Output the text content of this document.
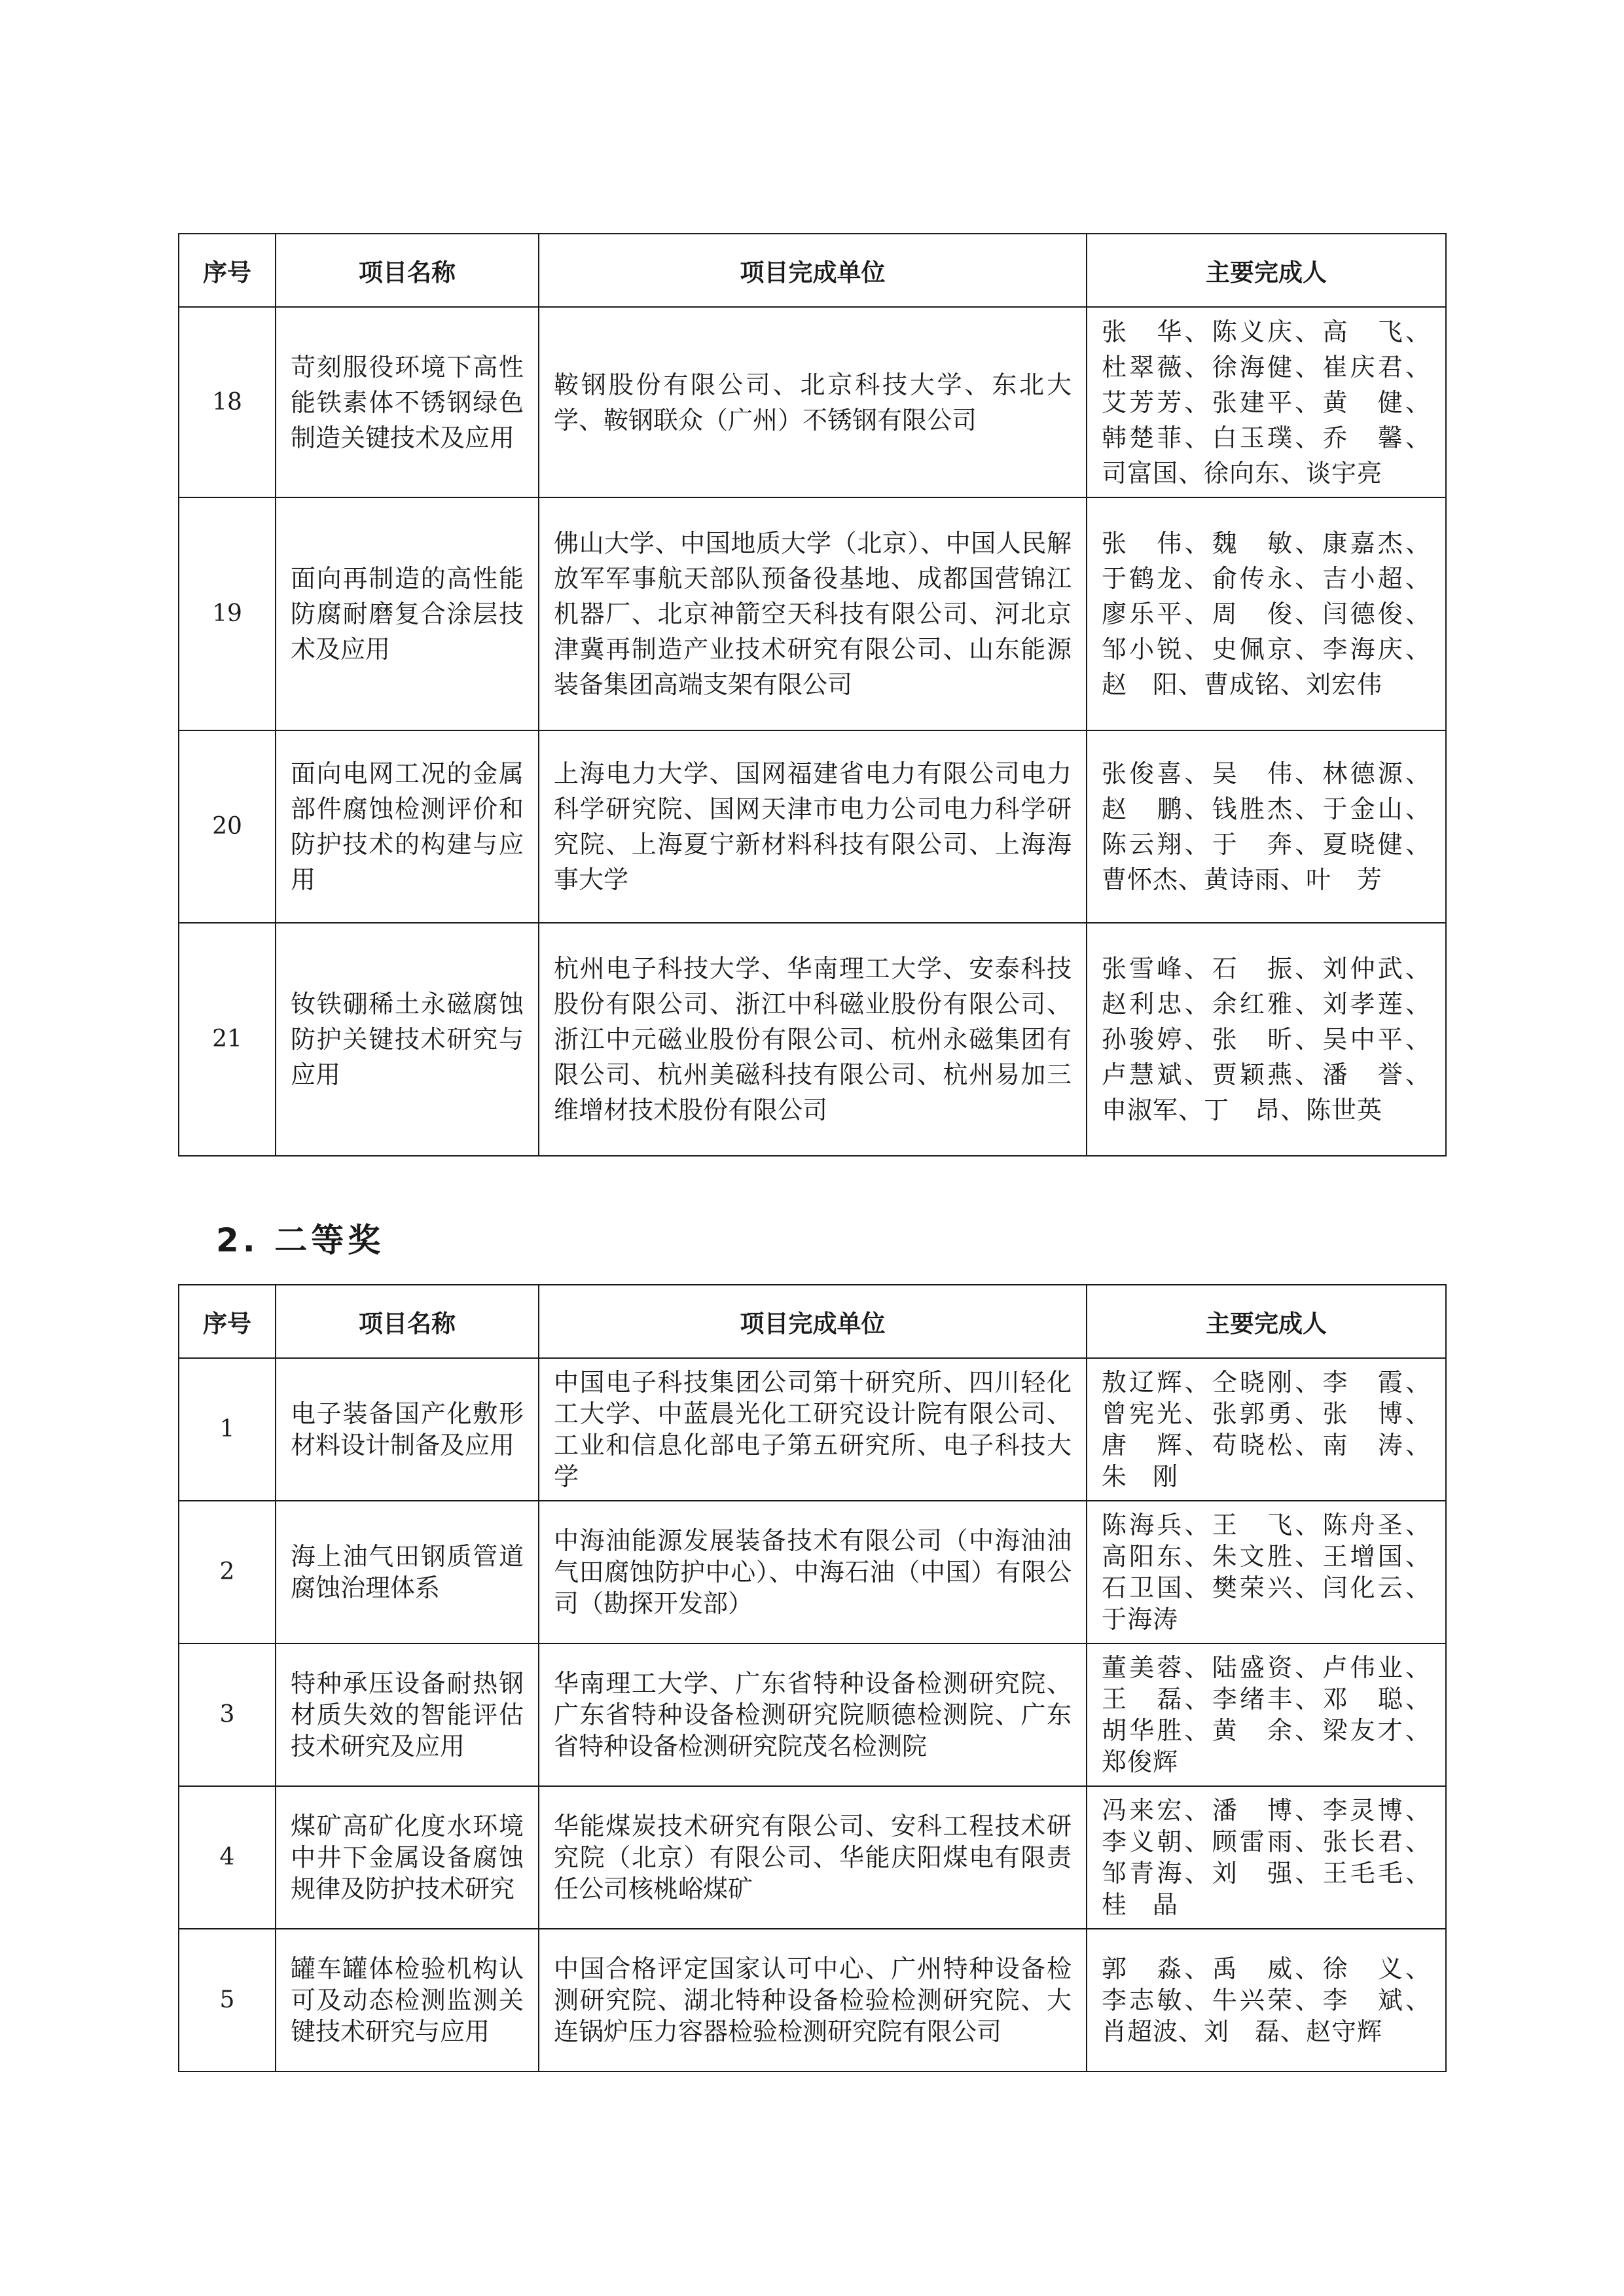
序号	项目名称	项目完成单位	主要完成人
18	苛刻服役环境下高性能铁素体不锈钢绿色制造关键技术及应用	鞍钢股份有限公司、北京科技大学、东北大学、鞍钢联众（广州）不锈钢有限公司	张　华、陈义庆、高　飞、杜翠薇、徐海健、崔庆君、艾芳芳、张建平、黄　健、韩楚菲、白玉璞、乔　馨、司富国、徐向东、谈宇亮
19	面向再制造的高性能防腐耐磨复合涂层技术及应用	佛山大学、中国地质大学（北京）、中国人民解放军军事航天部队预备役基地、成都国营锦江机器厂、北京神箭空天科技有限公司、河北京津冀再制造产业技术研究有限公司、山东能源装备集团高端支架有限公司	张　伟、魏　敏、康嘉杰、于鹤龙、俞传永、吉小超、廖乐平、周　俊、闫德俊、邹小锐、史佩京、李海庆、赵　阳、曹成铭、刘宏伟
20	面向电网工况的金属部件腐蚀检测评价和防护技术的构建与应用	上海电力大学、国网福建省电力有限公司电力科学研究院、国网天津市电力公司电力科学研究院、上海夏宁新材料科技有限公司、上海海事大学	张俊喜、吴　伟、林德源、赵　鹏、钱胜杰、于金山、陈云翔、于　奔、夏晓健、曹怀杰、黄诗雨、叶　芳
21	钕铁硼稀土永磁腐蚀防护关键技术研究与应用	杭州电子科技大学、华南理工大学、安泰科技股份有限公司、浙江中科磁业股份有限公司、浙江中元磁业股份有限公司、杭州永磁集团有限公司、杭州美磁科技有限公司、杭州易加三维增材技术股份有限公司	张雪峰、石　振、刘仲武、赵利忠、余红雅、刘孝莲、孙骏婷、张　昕、吴中平、卢慧斌、贾颖燕、潘　誉、申淑军、丁　昂、陈世英
2. 二等奖
序号	项目名称	项目完成单位	主要完成人
1	电子装备国产化敷形材料设计制备及应用	中国电子科技集团公司第十研究所、四川轻化工大学、中蓝晨光化工研究设计院有限公司、工业和信息化部电子第五研究所、电子科技大学	敖辽辉、仝晓刚、李　霞、曾宪光、张郭勇、张　博、唐　辉、苟晓松、南　涛、朱　刚
2	海上油气田钢质管道腐蚀治理体系	中海油能源发展装备技术有限公司（中海油油气田腐蚀防护中心）、中海石油（中国）有限公司（勘探开发部）	陈海兵、王　飞、陈舟圣、高阳东、朱文胜、王增国、石卫国、樊荣兴、闫化云、于海涛
3	特种承压设备耐热钢材质失效的智能评估技术研究及应用	华南理工大学、广东省特种设备检测研究院、广东省特种设备检测研究院顺德检测院、广东省特种设备检测研究院茂名检测院	董美蓉、陆盛资、卢伟业、王　磊、李绪丰、邓　聪、胡华胜、黄　余、梁友才、郑俊辉
4	煤矿高矿化度水环境中井下金属设备腐蚀规律及防护技术研究	华能煤炭技术研究有限公司、安科工程技术研究院（北京）有限公司、华能庆阳煤电有限责任公司核桃峪煤矿	冯来宏、潘　博、李灵博、李义朝、顾雷雨、张长君、邹青海、刘　强、王毛毛、桂　晶
5	罐车罐体检验机构认可及动态检测监测关键技术研究与应用	中国合格评定国家认可中心、广州特种设备检测研究院、湖北特种设备检验检测研究院、大连锅炉压力容器检验检测研究院有限公司	郭　淼、禹　威、徐　义、李志敏、牛兴荣、李　斌、肖超波、刘　磊、赵守辉
